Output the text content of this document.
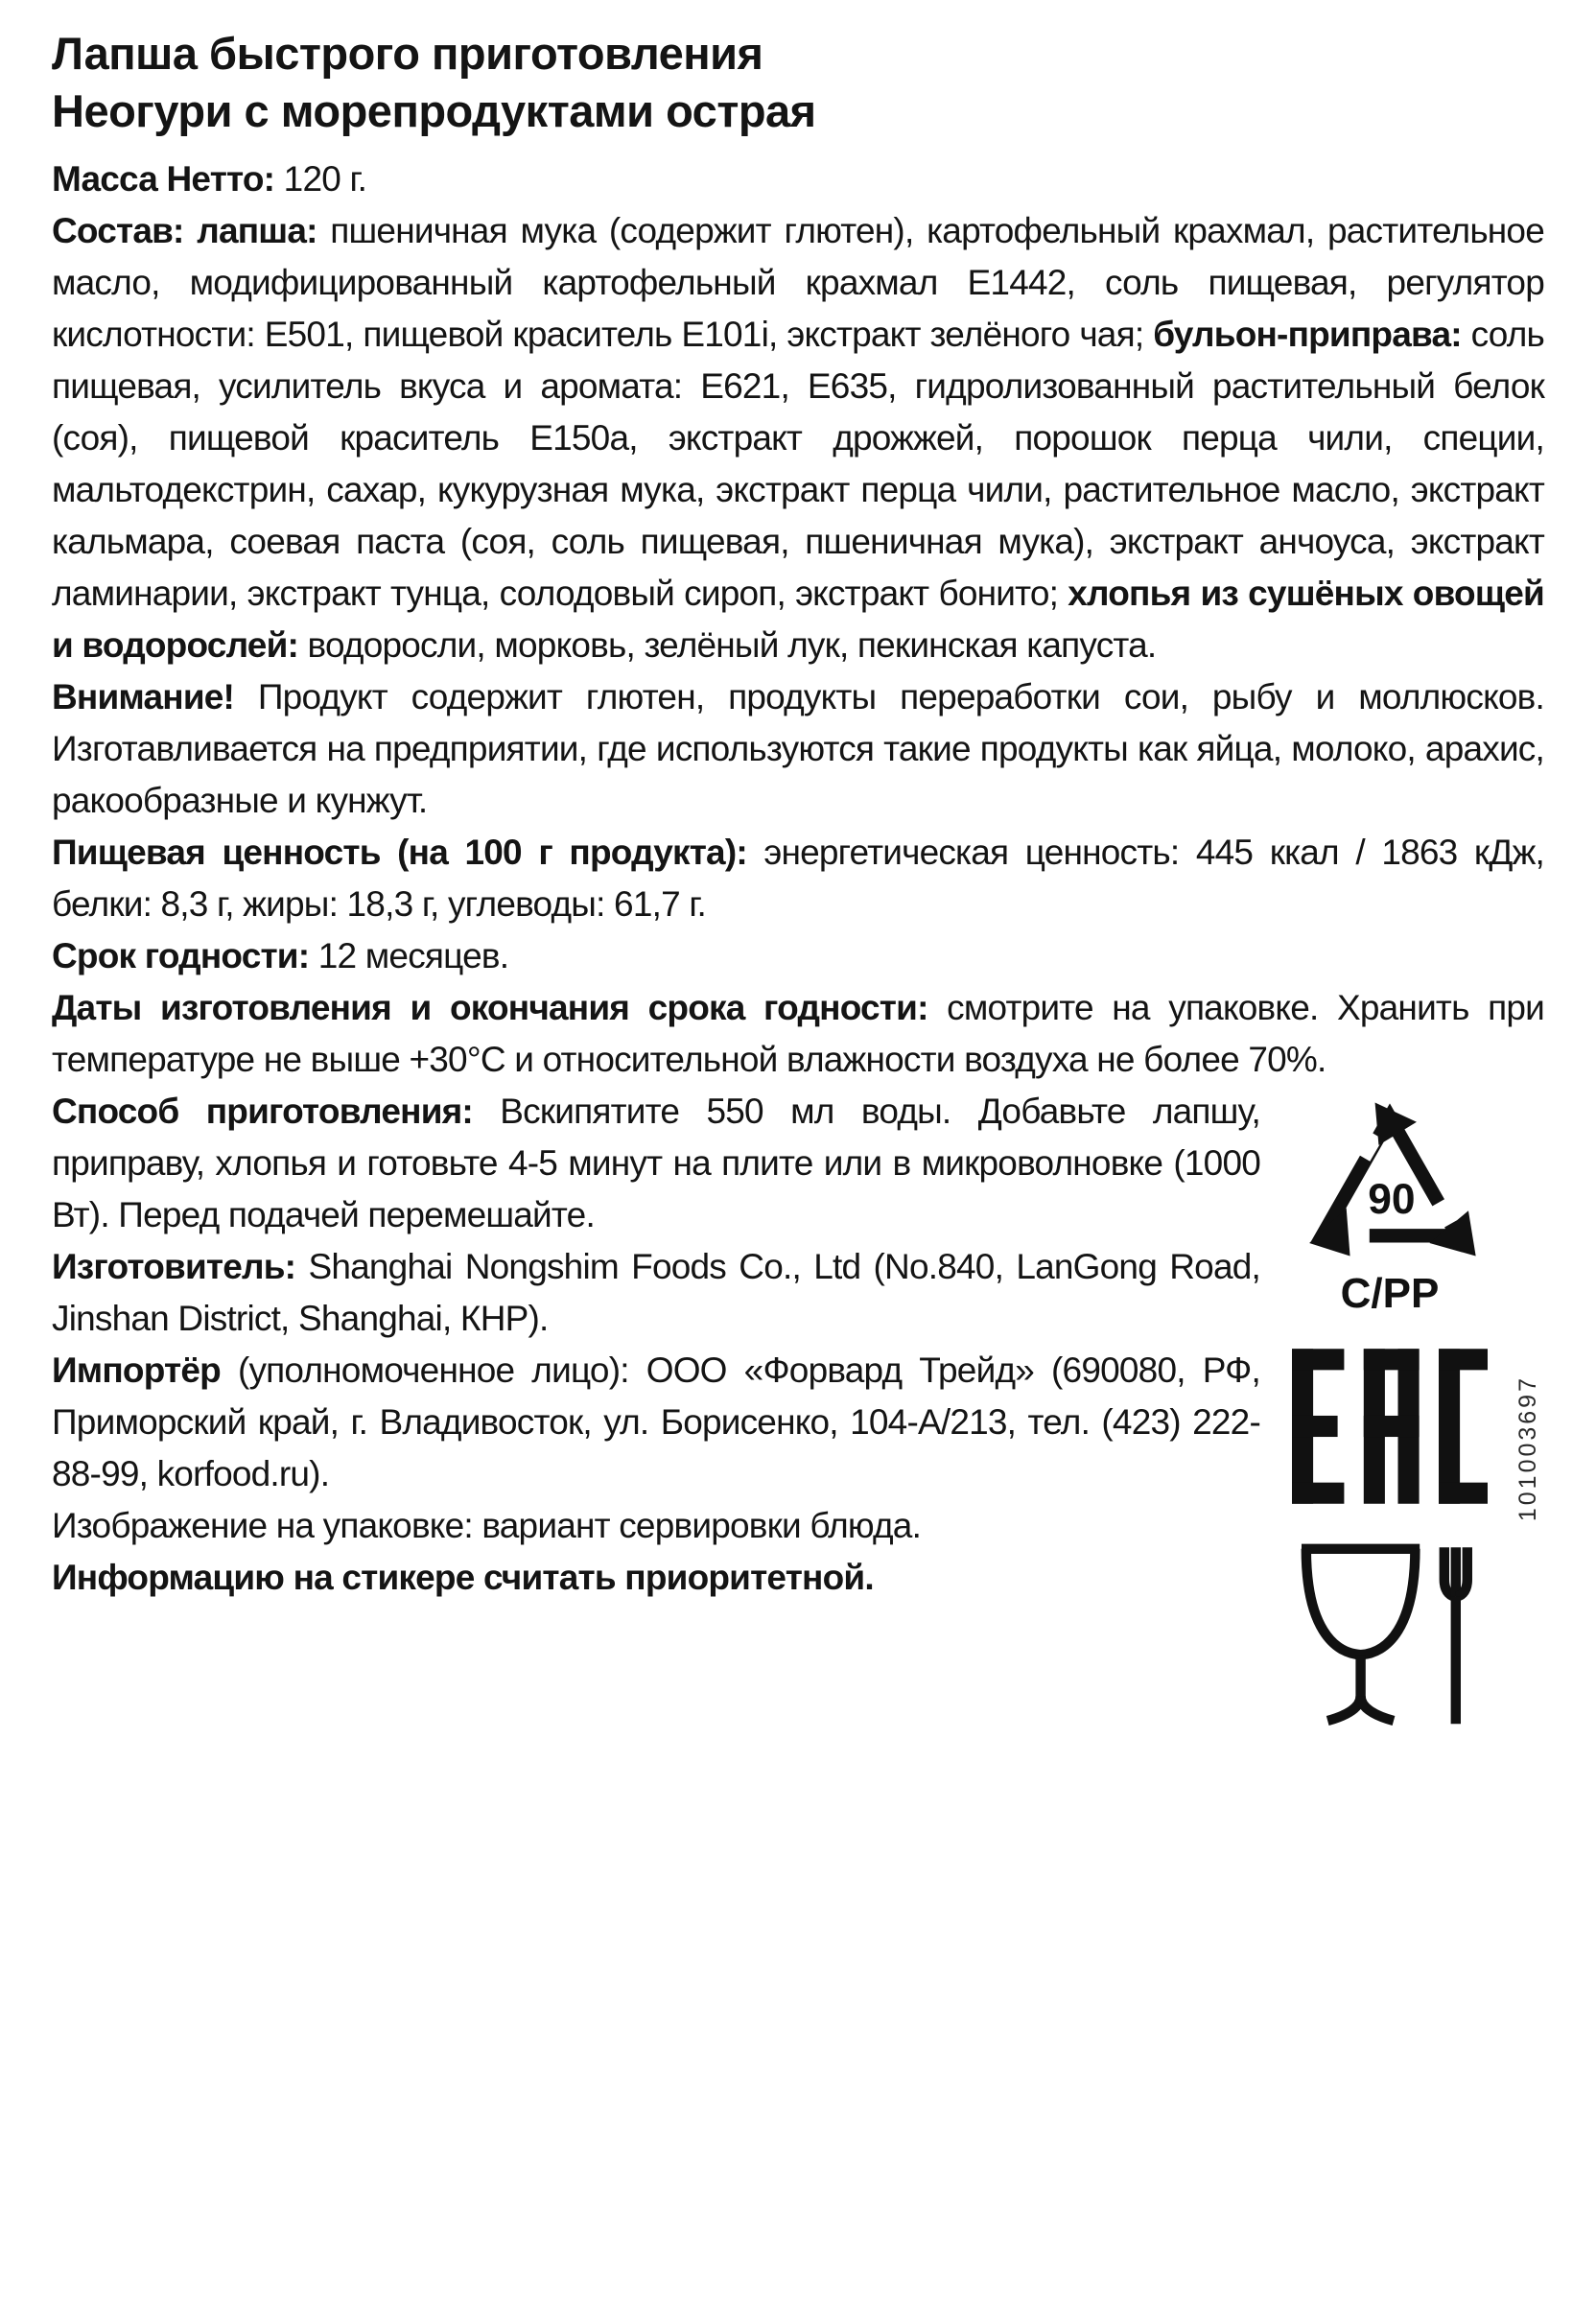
Лапша быстрого приготовления
Неогури с морепродуктами острая

Масса Нетто: 120 г.

Состав: лапша: пшеничная мука (содержит глютен), картофельный крахмал, растительное масло, модифицированный картофельный крахмал Е1442, соль пищевая, регулятор кислотности: Е501, пищевой краситель Е101i, экстракт зелёного чая; бульон-приправа: соль пищевая, усилитель вкуса и аромата: Е621, Е635, гидролизованный растительный белок (соя), пищевой краситель Е150а, экстракт дрожжей, порошок перца чили, специи, мальтодекстрин, сахар, кукурузная мука, экстракт перца чили, растительное масло, экстракт кальмара, соевая паста (соя, соль пищевая, пшеничная мука), экстракт анчоуса, экстракт ламинарии, экстракт тунца, солодовый сироп, экстракт бонито; хлопья из сушёных овощей и водорослей: водоросли, морковь, зелёный лук, пекинская капуста.

Внимание! Продукт содержит глютен, продукты переработки сои, рыбу и моллюсков. Изготавливается на предприятии, где используются такие продукты как яйца, молоко, арахис, ракообразные и кунжут.

Пищевая ценность (на 100 г продукта): энергетическая ценность: 445 ккал / 1863 кДж, белки: 8,3 г, жиры: 18,3 г, углеводы: 61,7 г.

Срок годности: 12 месяцев.

Даты изготовления и окончания срока годности: смотрите на упаковке. Хранить при температуре не выше +30°С и относительной влажности воздуха не более 70%.

90
C/PP
101003697

Способ приготовления: Вскипятите 550 мл воды. Добавьте лапшу, приправу, хлопья и готовьте 4-5 минут на плите или в микроволновке (1000 Вт). Перед подачей перемешайте.

Изготовитель: Shanghai Nongshim Foods Co., Ltd (No.840, LanGong Road, Jinshan District, Shanghai, КНР).

Импортёр (уполномоченное лицо): ООО «Форвард Трейд» (690080, РФ, Приморский край, г. Владивосток, ул. Борисенко, 104-А/213, тел. (423) 222-88-99, korfood.ru).

Изображение на упаковке: вариант сервировки блюда.

Информацию на стикере считать приоритетной.
